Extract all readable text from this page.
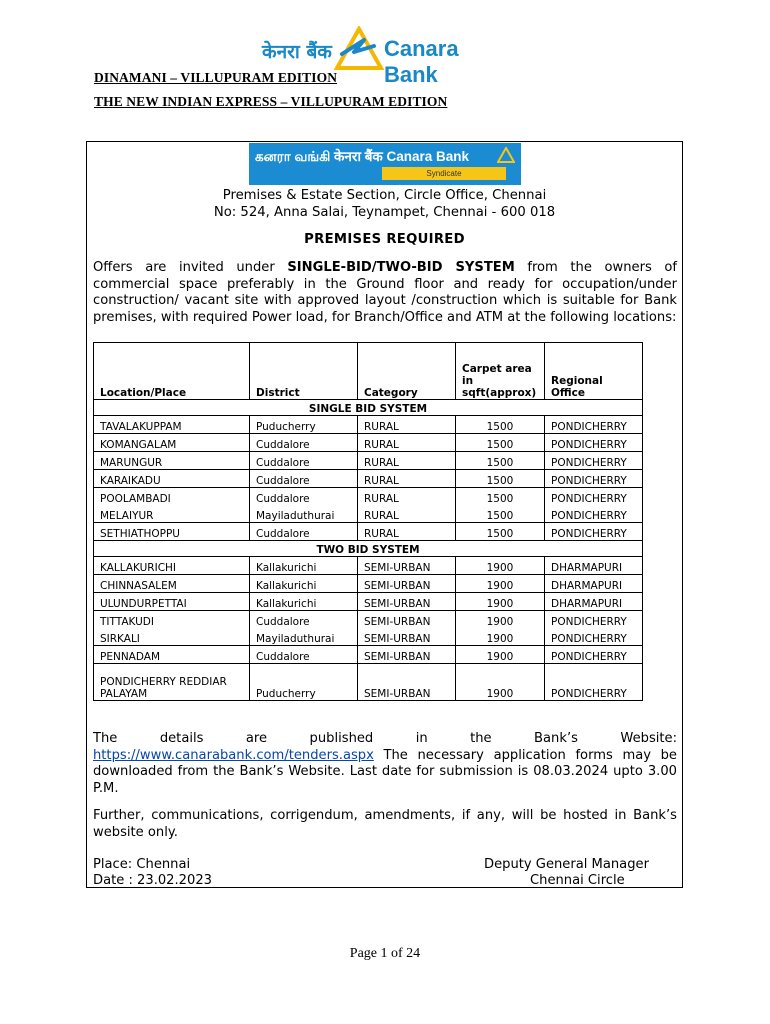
केनरा बैंक Canara Bank
DINAMANI – VILLUPURAM EDITION
THE NEW INDIAN EXPRESS – VILLUPURAM EDITION
கனரா வங்கி केनरा बैंक Canara Bank
Syndicate
Premises & Estate Section, Circle Office, Chennai
No: 524, Anna Salai, Teynampet, Chennai - 600 018
PREMISES REQUIRED
Offers are invited under SINGLE-BID/TWO-BID SYSTEM from the owners of commercial space preferably in the Ground floor and ready for occupation/under construction/ vacant site with approved layout /construction which is suitable for Bank premises, with required Power load, for Branch/Office and ATM at the following locations:
Location/Place	District	Category	Carpet area in sqft(approx)	Regional Office
SINGLE BID SYSTEM				
TAVALAKUPPAM	Puducherry	RURAL	1500	PONDICHERRY
KOMANGALAM	Cuddalore	RURAL	1500	PONDICHERRY
MARUNGUR	Cuddalore	RURAL	1500	PONDICHERRY
KARAIKADU	Cuddalore	RURAL	1500	PONDICHERRY
POOLAMBADI	Cuddalore	RURAL	1500	PONDICHERRY
MELAIYUR	Mayiladuthurai	RURAL	1500	PONDICHERRY
SETHIATHOPPU	Cuddalore	RURAL	1500	PONDICHERRY
TWO BID SYSTEM				
KALLAKURICHI	Kallakurichi	SEMI-URBAN	1900	DHARMAPURI
CHINNASALEM	Kallakurichi	SEMI-URBAN	1900	DHARMAPURI
ULUNDURPETTAI	Kallakurichi	SEMI-URBAN	1900	DHARMAPURI
TITTAKUDI	Cuddalore	SEMI-URBAN	1900	PONDICHERRY
SIRKALI	Mayiladuthurai	SEMI-URBAN	1900	PONDICHERRY
PENNADAM	Cuddalore	SEMI-URBAN	1900	PONDICHERRY
PONDICHERRY REDDIAR PALAYAM	Puducherry	SEMI-URBAN	1900	PONDICHERRY
The details are published in the Bank’s Website: https://www.canarabank.com/tenders.aspx The necessary application forms may be downloaded from the Bank’s Website. Last date for submission is 08.03.2024 upto 3.00 P.M.
Further, communications, corrigendum, amendments, if any, will be hosted in Bank’s website only.
Place: Chennai
Date : 23.02.2023
Deputy General Manager
Chennai Circle
Page 1 of 24
